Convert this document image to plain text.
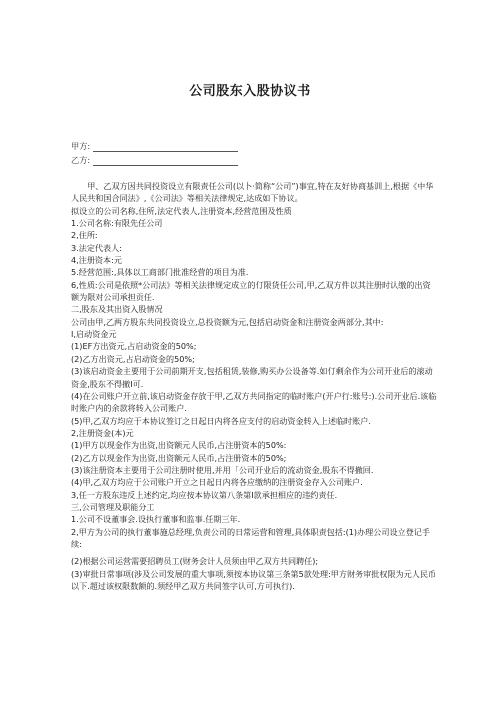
公司股东入股协议书
甲方:
乙方:

甲、乙双方因共同投资设立有限责任公司(以卜·简称“公司”)事宜,特在友好协商基训上,根据《中华人民共和国合同法》,《公司法》等相关法律规定,达成如下协议。

拟设立的公司名称,住所,法定代表人,注册资本,经营范围及性质

1.公司名称:有限先任公司

2,住所:

3.法定代表人:

4,注册资本:元

5.经营范围:,具体以工商部门批准经营的项目为准.

6,性质:公司是依照*公司法》等相关法律规定成立的仃限货任公司,甲,乙双方件以其注册时认缴的出资额为限对公司承担贡任.

二,股东及其出资入股情况

公司由甲,乙两方股东共同投资设立,总投资额为元,包括启动资金和注册资金两部分,其中:

I,启动资金元

(1)EF方出资元,占启动资金的50%;

(2)乙方出资元,占启动资金的50%;

(3)该启动资金主要用于公司前期开支,包括租赁,装修,购买办公设备等.如仃剩余作为公司开业后的滚动资金,股东不得撤I可.

(4)在公司账户开立前,该启动资金存放于甲,乙双方共同指定的临时账户(开户行:账号:).公司开业后.该临时账户内的余款将转入公司账户.

(5)甲,乙双方均应于本协议签订之日起日内将各应支付的启动资金转入上述临时账户.

2,注册资金(本)元

(1)甲方以现金作为出资,出资额元人民币,占注册资本的50%:

(2)乙方以现金作为出资,出资额元人民币,占注册资本的50%;

(3)该注册资本主要用于公司注册时使用,并用「公司开业后的流动资金,股东不得撤回.

(4)甲,乙双方均应于公司账户开立之日起日内将各应缴纳的注册资金存入公司账户.

3,任一方股东违反上述约定,均应按本协议第八条第I款承担相应的违约责任.

三,公司管理及职能分工

1.公司不设董事会.设执行董事和监事.任期三年.

2,甲方为公司的执行董事施总经理,负责公司的日常运营和管理,具体职责包括:(1)办理公司设立登记手续:

(2)根据公司运营需要招聘员工(财务会计人员须由甲乙双方共同聘任);

(3)审批日常事项(涉及公司发展的重大事项,须按本协议第三条第5款处理:甲方财务审批权限为元人民币以下.超过该权限数额的.须经甲乙双方共同签字认可,方可执行).
